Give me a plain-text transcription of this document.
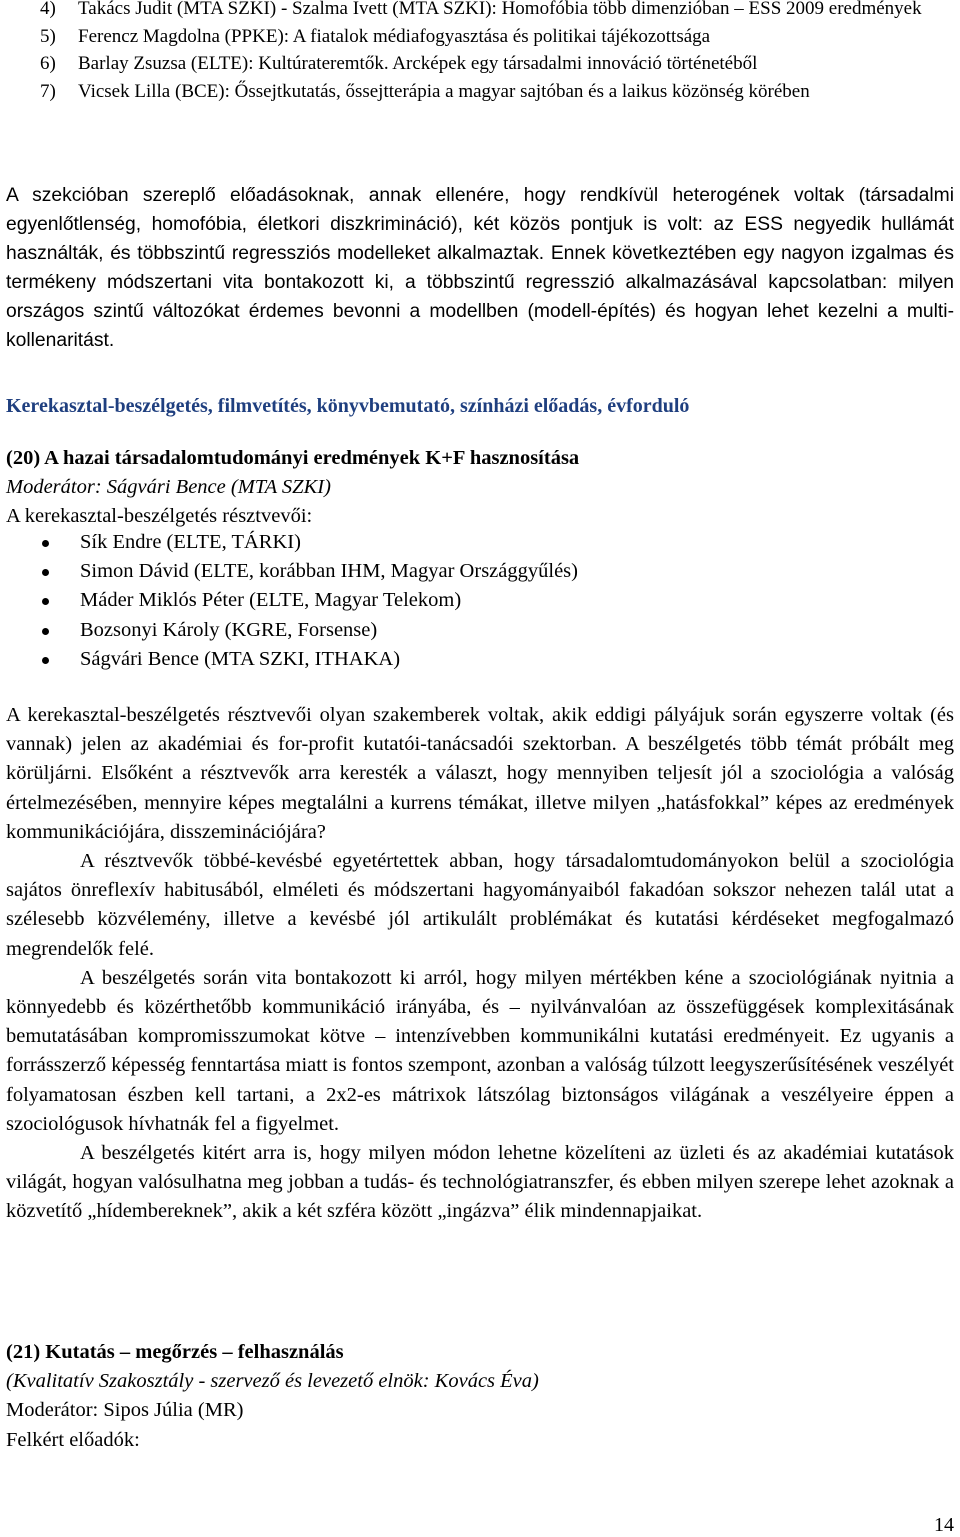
4) Takács Judit (MTA SZKI) - Szalma Ivett (MTA SZKI): Homofóbia több dimenzióban – ESS 2009 eredmények
5) Ferencz Magdolna (PPKE): A fiatalok médiafogyasztása és politikai tájékozottsága
6) Barlay Zsuzsa (ELTE): Kultúrateremtők. Arcképek egy társadalmi innováció történetéből
7) Vicsek Lilla (BCE): Őssejtkutatás, őssejtterápia a magyar sajtóban és a laikus közönség körében
A szekcióban szereplő előadásoknak, annak ellenére, hogy rendkívül heterogének voltak (társadalmi egyenlőtlenség, homofóbia, életkori diszkrimináció), két közös pontjuk is volt: az ESS negyedik hullámát használták, és többszintű regressziós modelleket alkalmaztak. Ennek következtében egy nagyon izgalmas és termékeny módszertani vita bontakozott ki, a többszintű regresszió alkalmazásával kapcsolatban: milyen országos szintű változókat érdemes bevonni a modellben (modell-építés) és hogyan lehet kezelni a multi-kollenaritást.
Kerekasztal-beszélgetés, filmvetítés, könyvbemutató, színházi előadás, évforduló
(20) A hazai társadalomtudományi eredmények K+F hasznosítása
Moderátor: Ságvári Bence (MTA SZKI)
A kerekasztal-beszélgetés résztvevői:
Sík Endre (ELTE, TÁRKI)
Simon Dávid (ELTE, korábban IHM, Magyar Országgyűlés)
Máder Miklós Péter (ELTE, Magyar Telekom)
Bozsonyi Károly (KGRE, Forsense)
Ságvári Bence (MTA SZKI, ITHAKA)

A kerekasztal-beszélgetés résztvevői olyan szakemberek voltak, akik eddigi pályájuk során egyszerre voltak (és vannak) jelen az akadémiai és for-profit kutatói-tanácsadói szektorban. A beszélgetés több témát próbált meg körüljárni. Elsőként a résztvevők arra keresték a választ, hogy mennyiben teljesít jól a szociológia a valóság értelmezésében, mennyire képes megtalálni a kurrens témákat, illetve milyen „hatásfokkal” képes az eredmények kommunikációjára, disszeminációjára?

A résztvevők többé-kevésbé egyetértettek abban, hogy társadalomtudományokon belül a szociológia sajátos önreflexív habitusából, elméleti és módszertani hagyományaiból fakadóan sokszor nehezen talál utat a szélesebb közvélemény, illetve a kevésbé jól artikulált problémákat és kutatási kérdéseket megfogalmazó megrendelők felé.

A beszélgetés során vita bontakozott ki arról, hogy milyen mértékben kéne a szociológiának nyitnia a könnyedebb és közérthetőbb kommunikáció irányába, és – nyilvánvalóan az összefüggések komplexitásának bemutatásában kompromisszumokat kötve – intenzívebben kommunikálni kutatási eredményeit. Ez ugyanis a forrásszerző képesség fenntartása miatt is fontos szempont, azonban a valóság túlzott leegyszerűsítésének veszélyét folyamatosan észben kell tartani, a 2x2-es mátrixok látszólag biztonságos világának a veszélyeire éppen a szociológusok hívhatnák fel a figyelmet.

A beszélgetés kitért arra is, hogy milyen módon lehetne közelíteni az üzleti és az akadémiai kutatások világát, hogyan valósulhatna meg jobban a tudás- és technológiatranszfer, és ebben milyen szerepe lehet azoknak a közvetítő „hídembereknek”, akik a két szféra között „ingázva” élik mindennapjaikat.

(21) Kutatás – megőrzés – felhasználás
(Kvalitatív Szakosztály - szervező és levezető elnök: Kovács Éva)
Moderátor: Sipos Júlia (MR)
Felkért előadók:
14
